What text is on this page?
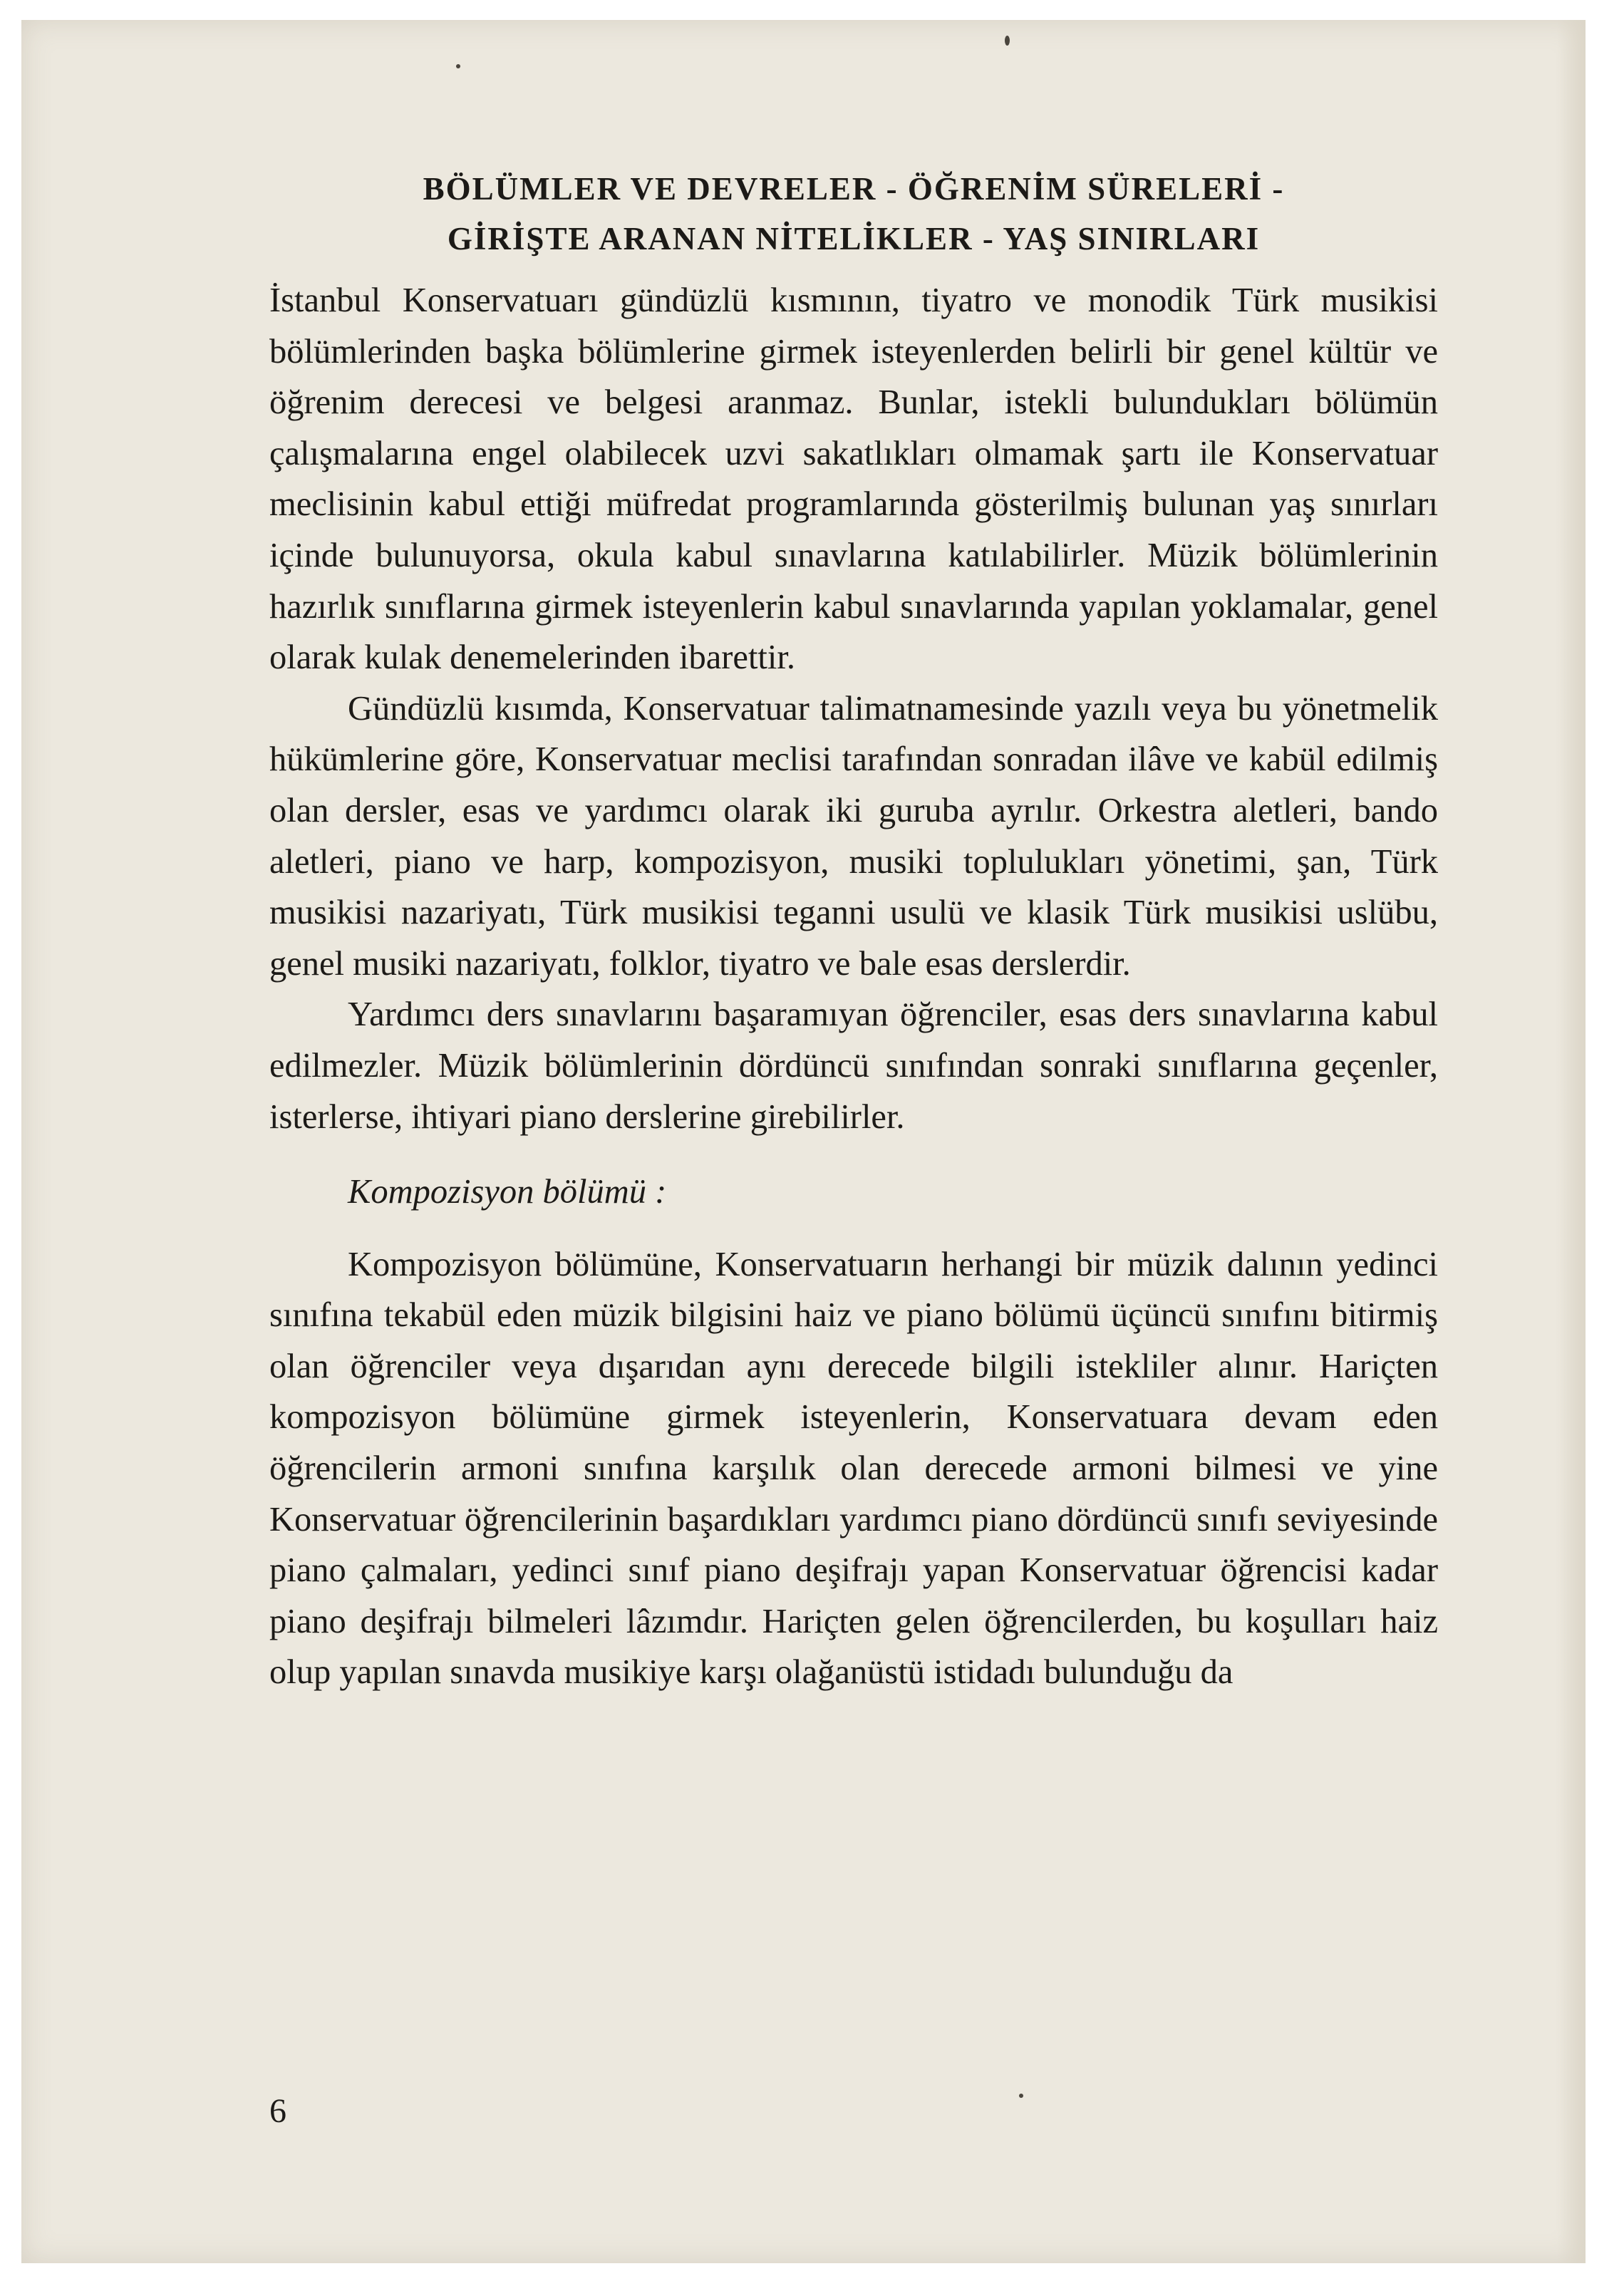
BÖLÜMLER VE DEVRELER - ÖĞRENİM SÜRELERİ -
GİRİŞTE ARANAN NİTELİKLER - YAŞ SINIRLARI

İstanbul Konservatuarı gündüzlü kısmının, tiyatro ve monodik Türk musikisi bölümlerinden başka bölümlerine girmek isteyenlerden belirli bir genel kültür ve öğrenim derecesi ve belgesi aranmaz. Bunlar, istekli bulundukları bölümün çalışmalarına engel olabilecek uzvi sakatlıkları olmamak şartı ile Konservatuar meclisinin kabul ettiği müfredat programlarında gösterilmiş bulunan yaş sınırları içinde bulunuyorsa, okula kabul sınavlarına katılabilirler. Müzik bölümlerinin hazırlık sınıflarına girmek isteyenlerin kabul sınavlarında yapılan yoklamalar, genel olarak kulak denemelerinden ibarettir.

Gündüzlü kısımda, Konservatuar talimatnamesinde yazılı veya bu yönetmelik hükümlerine göre, Konservatuar meclisi tarafından sonradan ilâve ve kabül edilmiş olan dersler, esas ve yardımcı olarak iki guruba ayrılır. Orkestra aletleri, bando aletleri, piano ve harp, kompozisyon, musiki toplulukları yönetimi, şan, Türk musikisi nazariyatı, Türk musikisi teganni usulü ve klasik Türk musikisi uslübu, genel musiki nazariyatı, folklor, tiyatro ve bale esas derslerdir.

Yardımcı ders sınavlarını başaramıyan öğrenciler, esas ders sınavlarına kabul edilmezler. Müzik bölümlerinin dördüncü sınıfından sonraki sınıflarına geçenler, isterlerse, ihtiyari piano derslerine girebilirler.

Kompozisyon bölümü :

Kompozisyon bölümüne, Konservatuarın herhangi bir müzik dalının yedinci sınıfına tekabül eden müzik bilgisini haiz ve piano bölümü üçüncü sınıfını bitirmiş olan öğrenciler veya dışarıdan aynı derecede bilgili istekliler alınır. Hariçten kompozisyon bölümüne girmek isteyenlerin, Konservatuara devam eden öğrencilerin armoni sınıfına karşılık olan derecede armoni bilmesi ve yine Konservatuar öğrencilerinin başardıkları yardımcı piano dördüncü sınıfı seviyesinde piano çalmaları, yedinci sınıf piano deşifrajı yapan Konservatuar öğrencisi kadar piano deşifrajı bilmeleri lâzımdır. Hariçten gelen öğrencilerden, bu koşulları haiz olup yapılan sınavda musikiye karşı olağanüstü istidadı bulunduğu da

6
